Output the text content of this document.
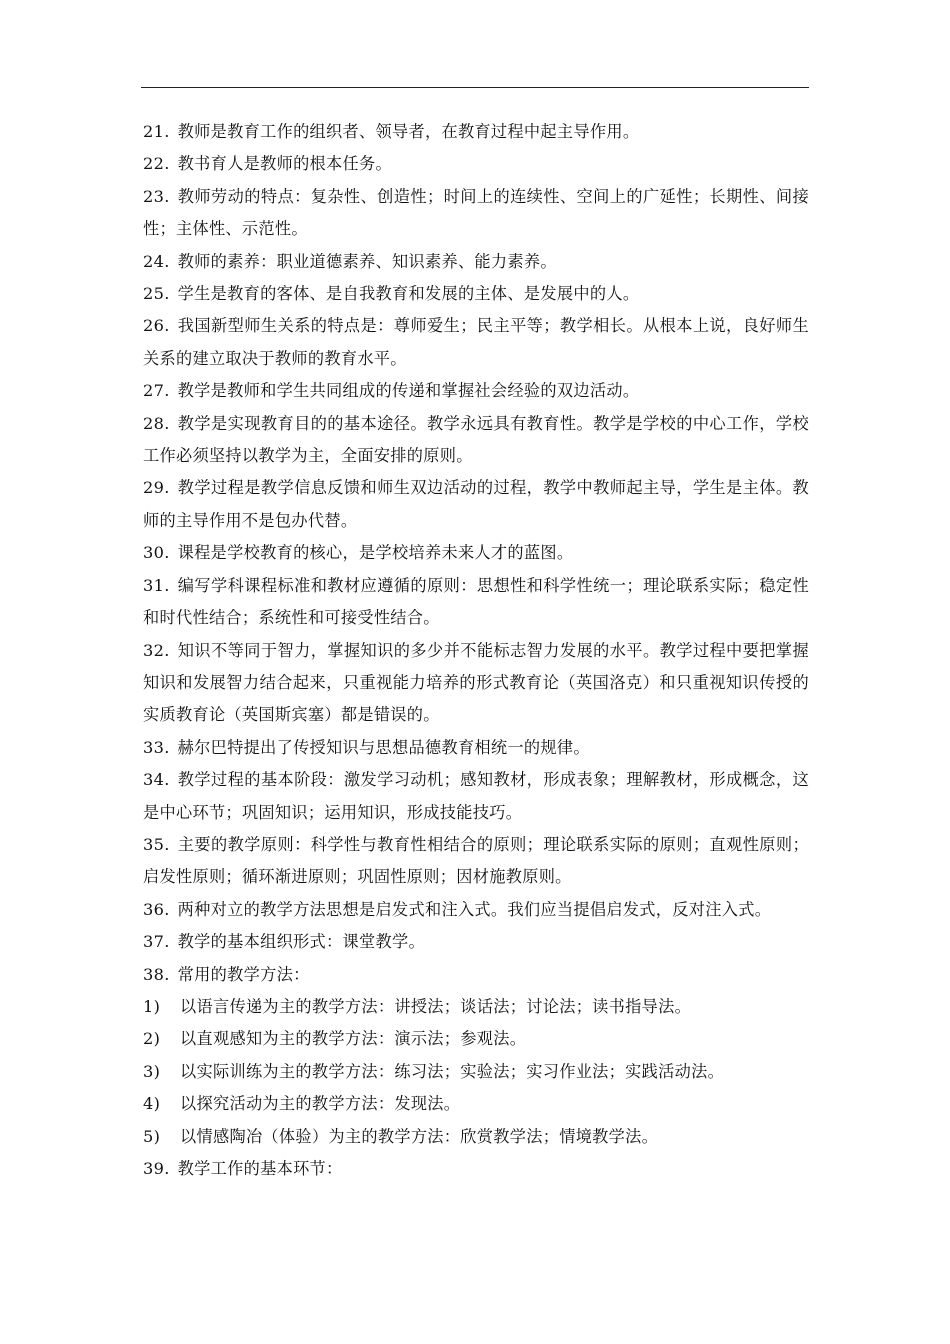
21. 教师是教育工作的组织者、领导者，在教育过程中起主导作用。

22. 教书育人是教师的根本任务。

23. 教师劳动的特点：复杂性、创造性；时间上的连续性、空间上的广延性；长期性、间接性；主体性、示范性。

24. 教师的素养：职业道德素养、知识素养、能力素养。

25. 学生是教育的客体、是自我教育和发展的主体、是发展中的人。

26. 我国新型师生关系的特点是：尊师爱生；民主平等；教学相长。从根本上说，良好师生关系的建立取决于教师的教育水平。

27. 教学是教师和学生共同组成的传递和掌握社会经验的双边活动。

28. 教学是实现教育目的的基本途径。教学永远具有教育性。教学是学校的中心工作，学校工作必须坚持以教学为主，全面安排的原则。

29. 教学过程是教学信息反馈和师生双边活动的过程，教学中教师起主导，学生是主体。教师的主导作用不是包办代替。

30. 课程是学校教育的核心，是学校培养未来人才的蓝图。

31. 编写学科课程标准和教材应遵循的原则：思想性和科学性统一；理论联系实际；稳定性和时代性结合；系统性和可接受性结合。

32. 知识不等同于智力，掌握知识的多少并不能标志智力发展的水平。教学过程中要把掌握知识和发展智力结合起来，只重视能力培养的形式教育论（英国洛克）和只重视知识传授的实质教育论（英国斯宾塞）都是错误的。

33. 赫尔巴特提出了传授知识与思想品德教育相统一的规律。

34. 教学过程的基本阶段：激发学习动机；感知教材，形成表象；理解教材，形成概念，这是中心环节；巩固知识；运用知识，形成技能技巧。

35. 主要的教学原则：科学性与教育性相结合的原则；理论联系实际的原则；直观性原则；启发性原则；循环渐进原则；巩固性原则；因材施教原则。

36. 两种对立的教学方法思想是启发式和注入式。我们应当提倡启发式，反对注入式。

37. 教学的基本组织形式：课堂教学。

38. 常用的教学方法：

1) 以语言传递为主的教学方法：讲授法；谈话法；讨论法；读书指导法。

2) 以直观感知为主的教学方法：演示法；参观法。

3) 以实际训练为主的教学方法：练习法；实验法；实习作业法；实践活动法。

4) 以探究活动为主的教学方法：发现法。

5) 以情感陶冶（体验）为主的教学方法：欣赏教学法；情境教学法。

39. 教学工作的基本环节：
